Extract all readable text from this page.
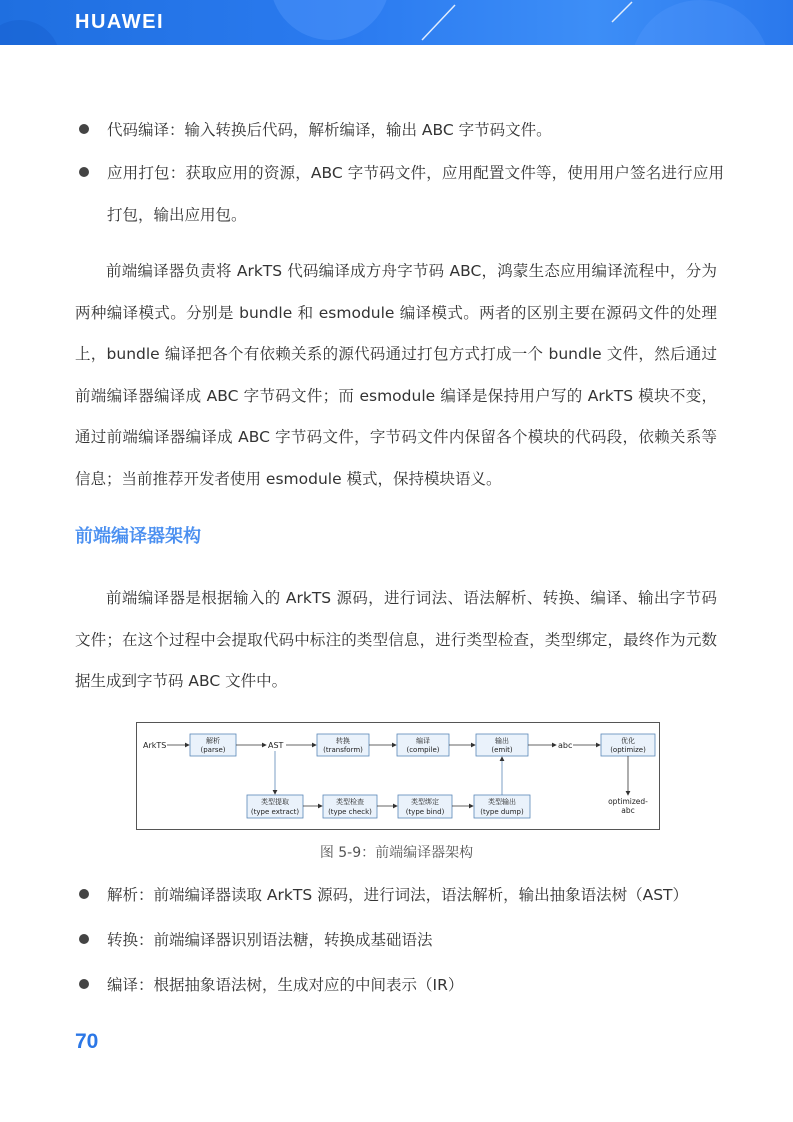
HUAWEI
代码编译：输入转换后代码，解析编译，输出 ABC 字节码文件。
应用打包：获取应用的资源，ABC 字节码文件，应用配置文件等，使用用户签名进行应用打包，输出应用包。

前端编译器负责将 ArkTS 代码编译成方舟字节码 ABC，鸿蒙生态应用编译流程中，分为两种编译模式。分别是 bundle 和 esmodule 编译模式。两者的区别主要在源码文件的处理上，bundle 编译把各个有依赖关系的源代码通过打包方式打成一个 bundle 文件，然后通过前端编译器编译成 ABC 字节码文件；而 esmodule 编译是保持用户写的 ArkTS 模块不变，通过前端编译器编译成 ABC 字节码文件，字节码文件内保留各个模块的代码段，依赖关系等信息；当前推荐开发者使用 esmodule 模式，保持模块语义。

前端编译器架构

前端编译器是根据输入的 ArkTS 源码，进行词法、语法解析、转换、编译、输出字节码文件；在这个过程中会提取代码中标注的类型信息，进行类型检查，类型绑定，最终作为元数据生成到字节码 ABC 文件中。

ArkTS	AST	abc
optimized-
abc
解析
(parse)
转换
(transform)
编译
(compile)
输出
(emit)
优化
(optimize)
类型提取
(type extract)
类型检查
(type check)
类型绑定
(type bind)
类型输出
(type dump)
图 5-9：前端编译器架构
解析：前端编译器读取 ArkTS 源码，进行词法，语法解析，输出抽象语法树（AST）
转换：前端编译器识别语法糖，转换成基础语法
编译：根据抽象语法树，生成对应的中间表示（IR）
70
